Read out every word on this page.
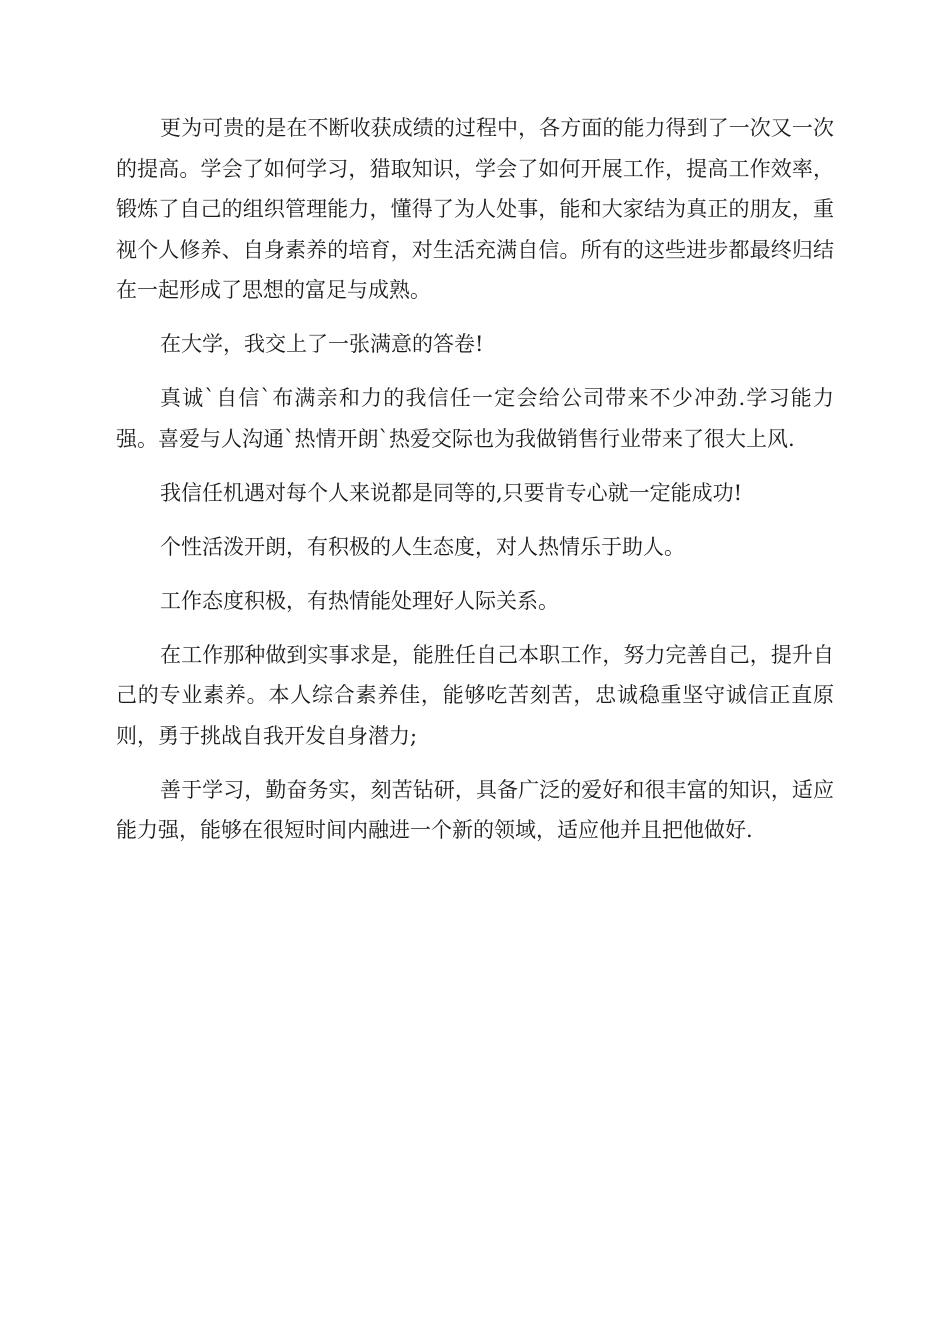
更为可贵的是在不断收获成绩的过程中，各方面的能力得到了一次又一次的提高。学会了如何学习，猎取知识，学会了如何开展工作，提高工作效率，锻炼了自己的组织管理能力，懂得了为人处事，能和大家结为真正的朋友，重视个人修养、自身素养的培育，对生活充满自信。所有的这些进步都最终归结在一起形成了思想的富足与成熟。

在大学，我交上了一张满意的答卷!

真诚`自信`布满亲和力的我信任一定会给公司带来不少冲劲.学习能力强。喜爱与人沟通`热情开朗`热爱交际也为我做销售行业带来了很大上风.

我信任机遇对每个人来说都是同等的,只要肯专心就一定能成功!

个性活泼开朗，有积极的人生态度，对人热情乐于助人。

工作态度积极，有热情能处理好人际关系。

在工作那种做到实事求是，能胜任自己本职工作，努力完善自己，提升自己的专业素养。本人综合素养佳，能够吃苦刻苦，忠诚稳重坚守诚信正直原则，勇于挑战自我开发自身潜力;

善于学习，勤奋务实，刻苦钻研，具备广泛的爱好和很丰富的知识，适应能力强，能够在很短时间内融进一个新的领域，适应他并且把他做好.
